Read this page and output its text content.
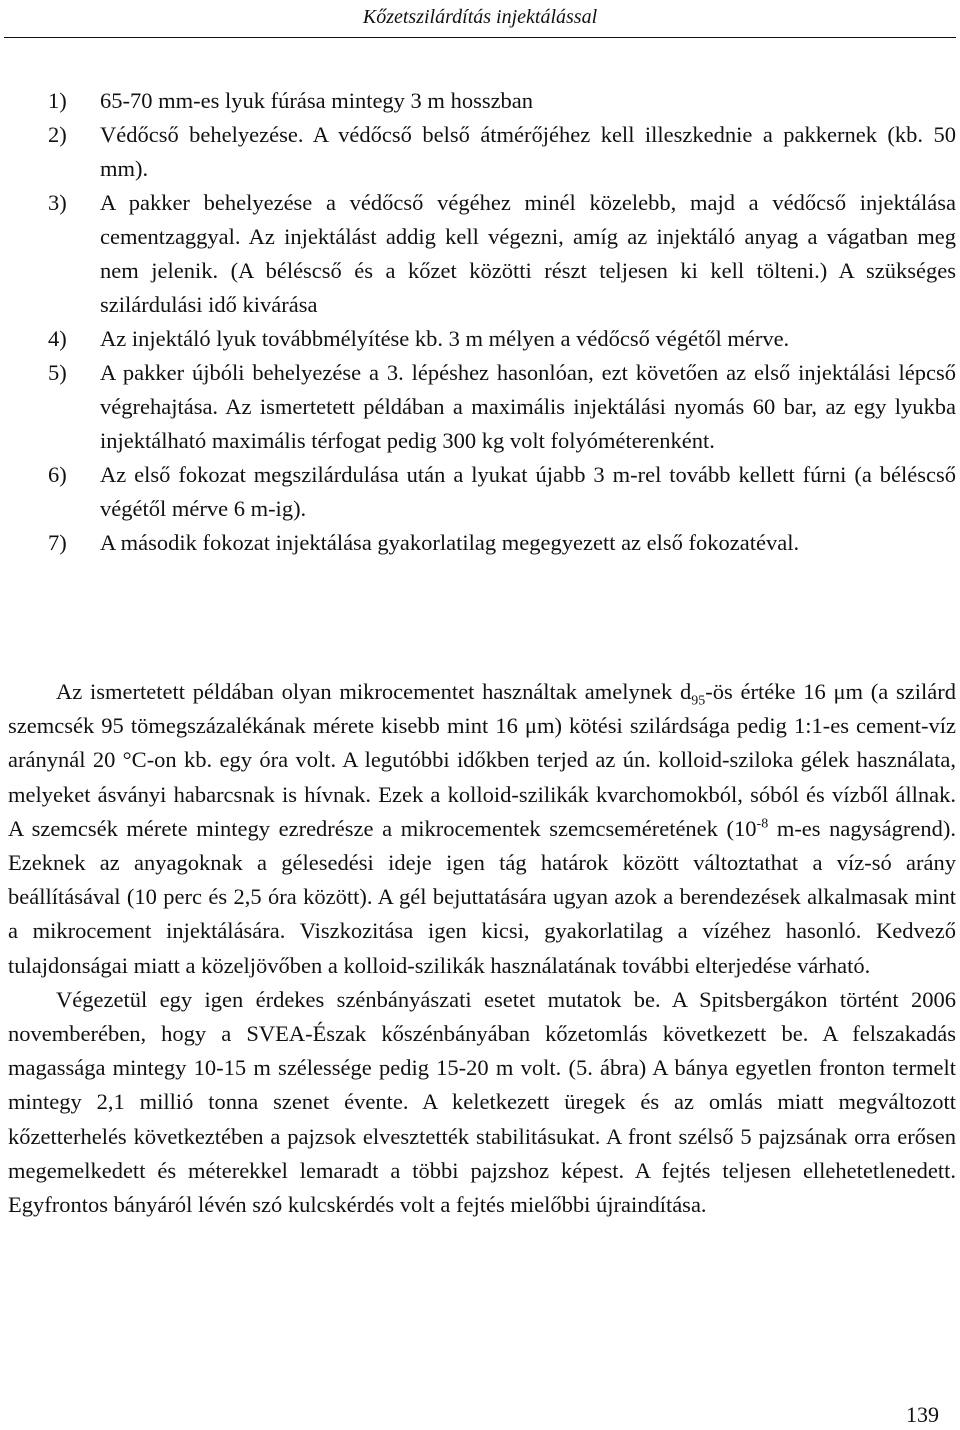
Kőzetszilárdítás injektálással
1) 65-70 mm-es lyuk fúrása mintegy 3 m hosszban
2) Védőcső behelyezése. A védőcső belső átmérőjéhez kell illeszkednie a pakkernek (kb. 50 mm).
3) A pakker behelyezése a védőcső végéhez minél közelebb, majd a védőcső injektálása cementzaggyal. Az injektálást addig kell végezni, amíg az injektáló anyag a vágatban meg nem jelenik. (A béléscső és a kőzet közötti részt teljesen ki kell tölteni.) A szükséges szilárdulási idő kivárása
4) Az injektáló lyuk továbbmélyítése kb. 3 m mélyen a védőcső végétől mérve.
5) A pakker újbóli behelyezése a 3. lépéshez hasonlóan, ezt követően az első injektálási lépcső végrehajtása. Az ismertetett példában a maximális injektálási nyomás 60 bar, az egy lyukba injektálható maximális térfogat pedig 300 kg volt folyóméterenként.
6) Az első fokozat megszilárdulása után a lyukat újabb 3 m-rel tovább kellett fúrni (a béléscső végétől mérve 6 m-ig).
7) A második fokozat injektálása gyakorlatilag megegyezett az első fokozatéval.

Az ismertetett példában olyan mikrocementet használtak amelynek $d_{95}-ös$ értéke 16 μm (a szilárd szemcsék 95 tömegszázalékának mérete kisebb mint 16 μm) kötési szilárdsága pedig 1:1-es cement-víz aránynál 20 °C-on kb. egy óra volt. A legutóbbi időkben terjed az ún. kolloid-sziloka gélek használata, melyeket ásványi habarcsnak is hívnak. Ezek a kolloid-szilikák kvarchomokból, sóból és vízből állnak. A szemcsék mérete mintegy ezredrésze a mikrocementek szemcseméretének ($10^{-8}$ m-es nagyságrend). Ezeknek az anyagoknak a gélesedési ideje igen tág határok között változtathat a víz-só arány beállításával (10 perc és 2,5 óra között). A gél bejuttatására ugyan azok a berendezések alkalmasak mint a mikrocement injektálására. Viszkozitása igen kicsi, gyakorlatilag a vízéhez hasonló. Kedvező tulajdonságai miatt a közeljövőben a kolloid-szilikák használatának további elterjedése várható.

Végezetül egy igen érdekes szénbányászati esetet mutatok be. A Spitsbergákon történt 2006 novemberében, hogy a SVEA-Észak kőszénbányában kőzetomlás következett be. A felszakadás magassága mintegy 10-15 m szélessége pedig 15-20 m volt. (5. ábra) A bánya egyetlen fronton termelt mintegy 2,1 millió tonna szenet évente. A keletkezett üregek és az omlás miatt megváltozott kőzetterhelés következtében a pajzsok elvesztették stabilitásukat. A front szélső 5 pajzsának orra erősen megemelkedett és méterekkel lemaradt a többi pajzshoz képest. A fejtés teljesen ellehetetlenedett. Egyfrontos bányáról lévén szó kulcskérdés volt a fejtés mielőbbi újraindítása.

139
